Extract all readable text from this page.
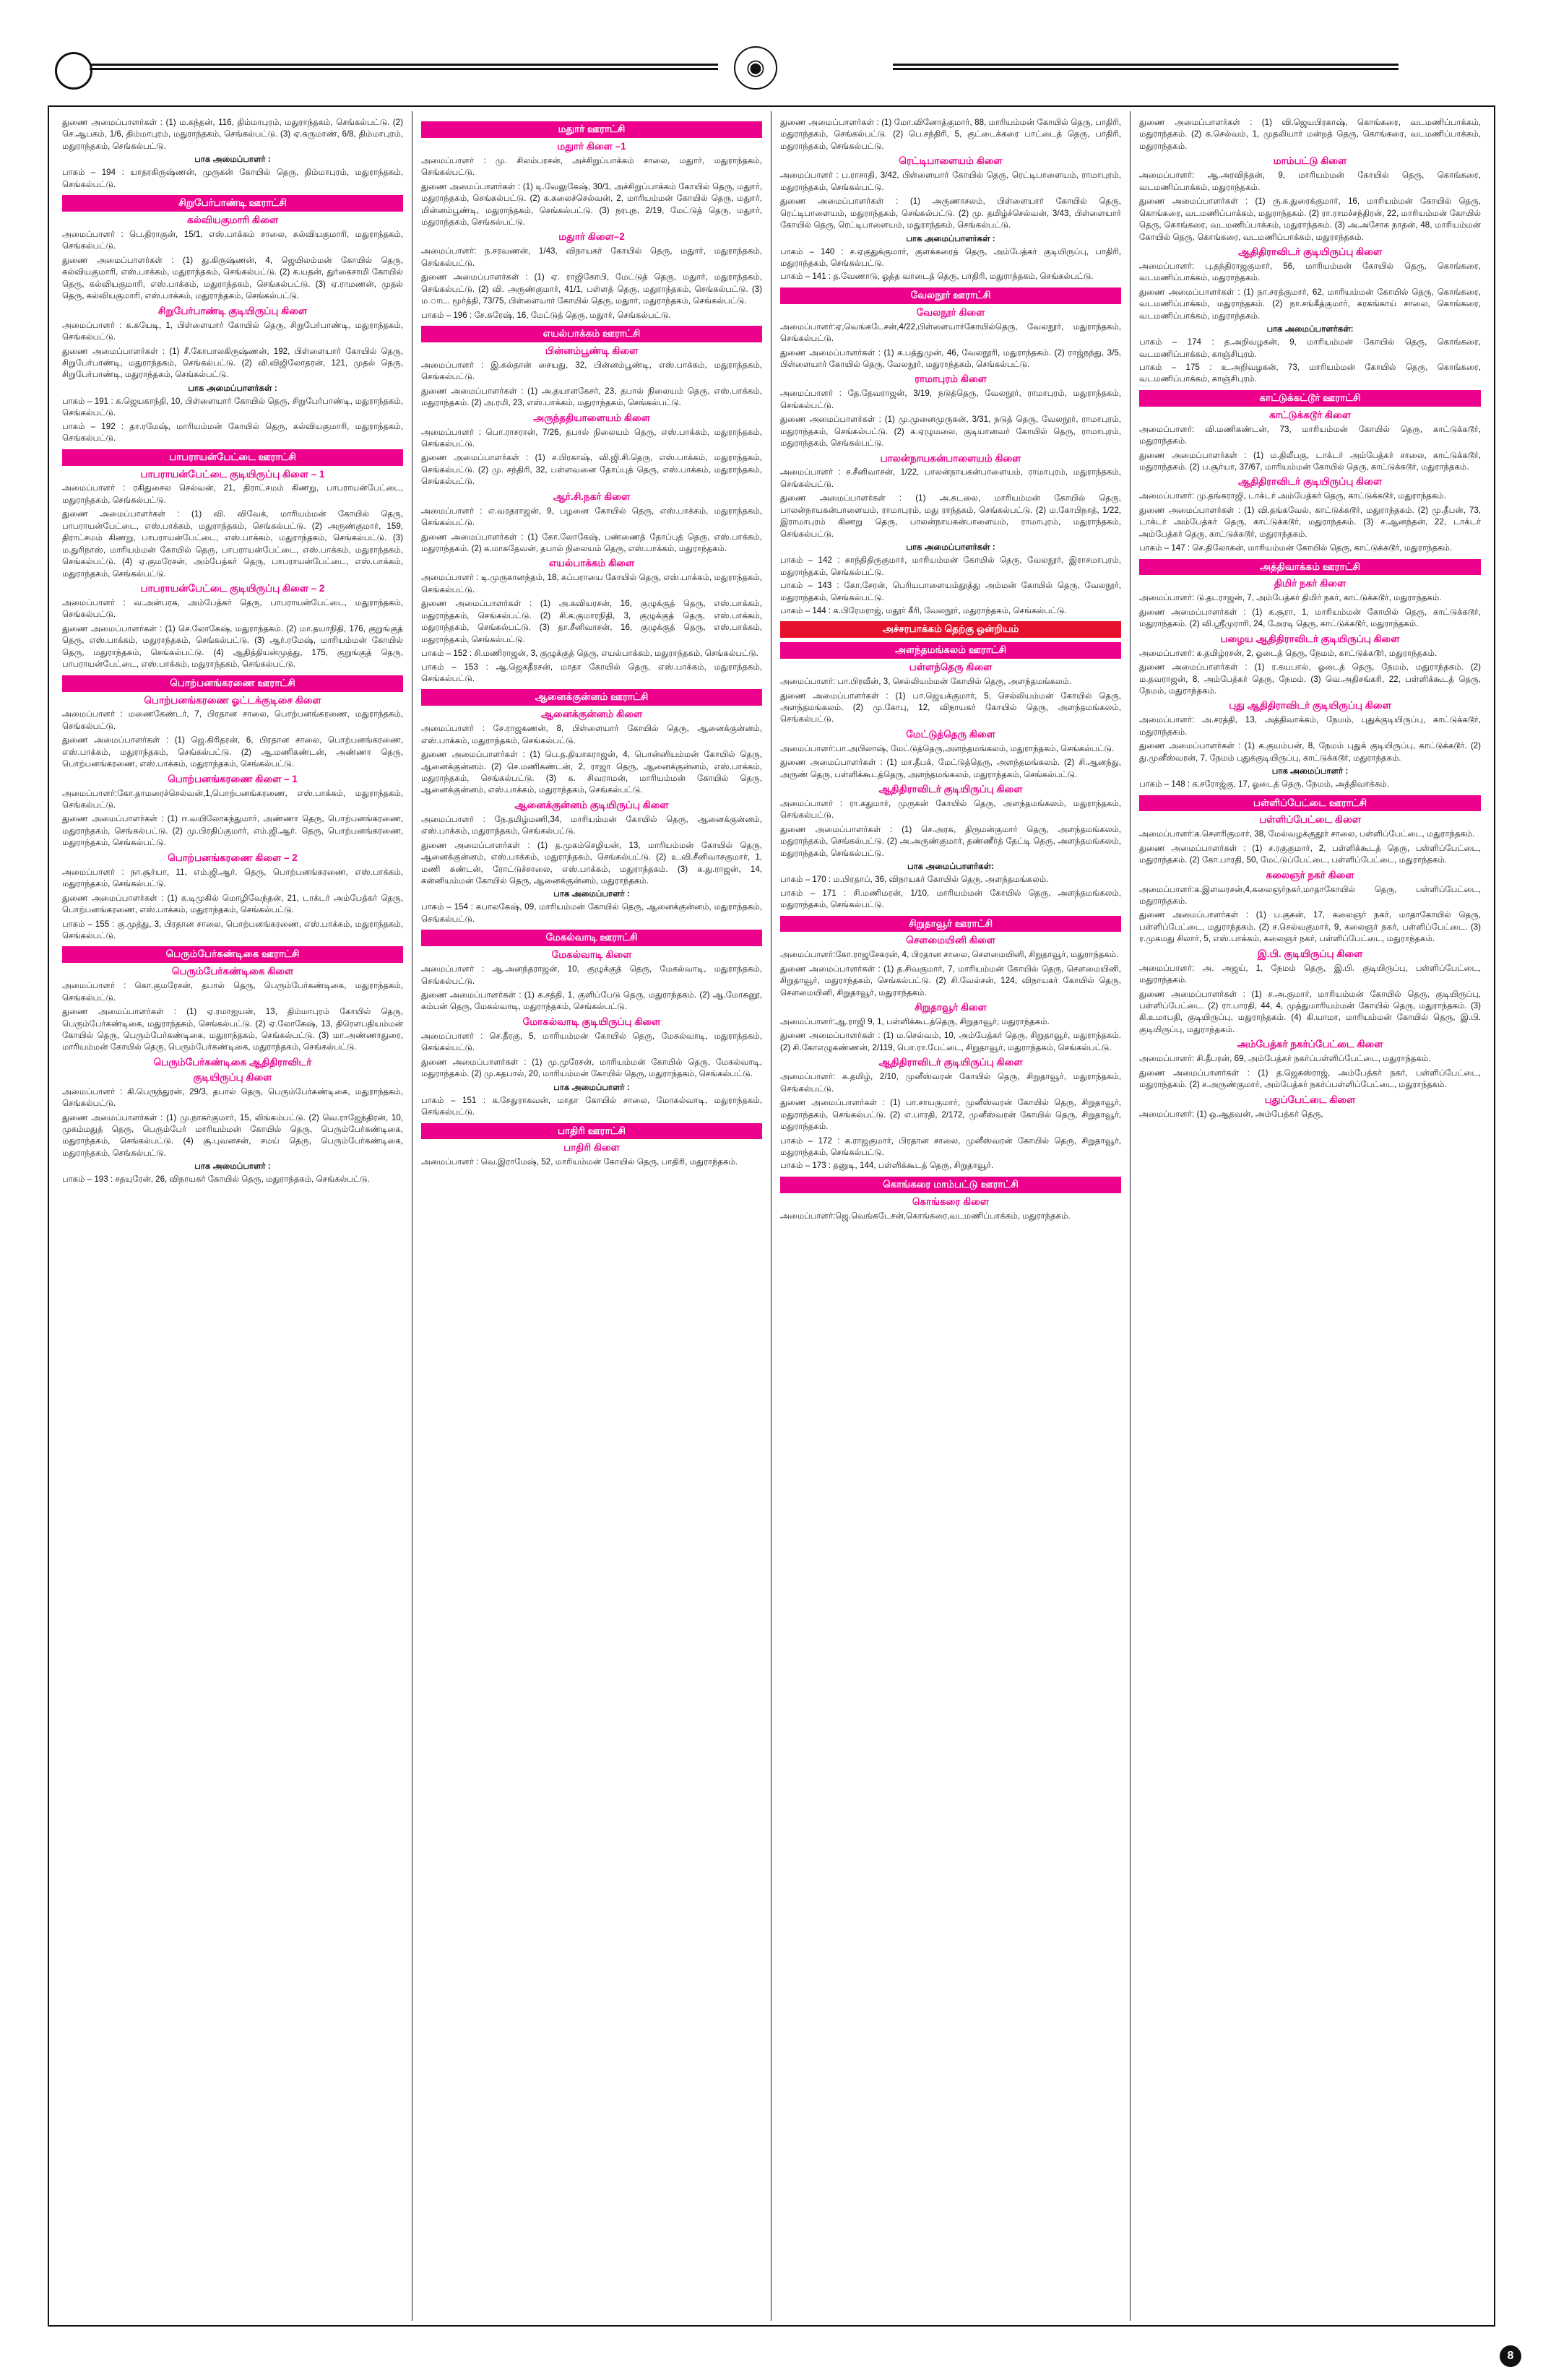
◉
துணை அமைப்பாளர்கள் : (1) ம.கந்தன், 116, திம்மாபுரம், மதுராந்தகம், செங்கல்பட்டு. (2) செ.ஆபகம், 1/6, திம்மாபுரம், மதுராந்தகம், செங்கல்பட்டு. (3) ஏ.கருமாண், 6/8, திம்மாபுரம், மதுராந்தகம், செங்கல்பட்டு.
பாக அமைப்பாளர் :
பாகம் – 194 : யாதரகிருஷ்ணன், முருகன் கோயில் தெரு, திம்மாபுரம், மதுராந்தகம், செங்கல்பட்டு.
சிறுபேர்பாண்டி ஊராட்சி
கல்வியகுமாரி கிளை
அமைப்பாளர் : பெ.திராகுன், 15/1, எஸ்.பாக்கம் சாலை, கல்வியகுமாரி, மதுராந்தகம், செங்கல்பட்டு.
துணை அமைப்பாளர்கள் : (1) து.கிருஷ்ணன், 4, ஜெயிலம்மன் கோயில் தெரு, கல்வியகுமாரி, எஸ்.பாக்கம், மதுராந்தகம், செங்கல்பட்டு. (2) க.யதன், துர்கைசாமி கோயில் தெரு, கல்வியகுமாரி, எஸ்.பாக்கம், மதுராந்தகம், செங்கல்பட்டு. (3) ஏ.ராமணன், முதல் தெரு, கல்வியகுமாரி, எஸ்.பாக்கம், மதுராந்தகம், செங்கல்பட்டு.
சிறுபேர்பாண்டி குடியிருப்பு கிளை
அமைப்பாளர் : க.கயேடி, 1, பிள்ளையார் கோயில் தெரு, சிறுபேர்பாண்டி, மதுராந்தகம், செங்கல்பட்டு.
துணை அமைப்பாளர்கள் : (1) சீ.கோபாலகிருஷ்ணன், 192, பிள்ளையார் கோயில் தெரு, சிறுபேர்பாண்டி, மதுராந்தகம், செங்கல்பட்டு. (2) வி.விஜிலோதரன், 121, முதல் தெரு, சிறுபேர்பாண்டி, மதுராந்தகம், செங்கல்பட்டு.
பாக அமைப்பாளர்கள் :
பாகம் – 191 : க.ஜெயகாந்தி, 10, பிள்ளையார் கோயில் தெரு, சிறுபேர்பாண்டி, மதுராந்தகம், செங்கல்பட்டு.
பாகம் – 192 : தா.ரமேஷ், மாரியம்மன் கோயில் தெரு, கல்வியகுமாரி, மதுராந்தகம், செங்கல்பட்டு.
பாபராயன்பேட்டை ஊராட்சி
பாபராயன்பேட்டை குடியிருப்பு கிளை – 1
அமைப்பாளர் : ரகிதுசைல செல்வன், 21, திராட்சமம் கிணறு, பாபராயன்பேட்டை, மதுராந்தகம், செங்கல்பட்டு.
துணை அமைப்பாளர்கள் : (1) வி. விவேக், மாரியம்மன் கோயில் தெரு, பாபராயன்பேட்டை, எஸ்.பாக்கம், மதுராந்தகம், செங்கல்பட்டு. (2) அருண்குமார், 159, திராட்சமம் கிணறு, பாபராயன்பேட்டை, எஸ்.பாக்கம், மதுராந்தகம், செங்கல்பட்டு. (3) ம.துரிநாஸ், மாரியம்மன் கோயில் தெரு, பாபராயன்பேட்டை, எஸ்.பாக்கம், மதுராந்தகம், செங்கல்பட்டு. (4) ஏ.குமரேசன், அம்பேத்கர் தெரு, பாபராயன்பேட்டை, எஸ்.பாக்கம், மதுராந்தகம், செங்கல்பட்டு.
பாபராயன்பேட்டை குடியிருப்பு கிளை – 2
அமைப்பாளர் : வ.அன்பரசு, அம்பேத்கர் தெரு, பாபராயன்பேட்டை, மதுராந்தகம், செங்கல்பட்டு.
துணை அமைப்பாளர்கள் : (1) செ.லோகேஷ், மதுராந்தகம். (2) மா.தயாநிதி, 176, குறுங்குத் தெரு, எஸ்.பாக்கம், மதுராந்தகம், செங்கல்பட்டு. (3) ஆர்.ரமேஷ், மாரியம்மன் கோயில் தெரு, மதுராந்தகம், செங்கல்பட்டு. (4) ஆதித்தியன்முத்து, 175, குறுங்குத் தெரு, பாபராயன்பேட்டை, எஸ்.பாக்கம், மதுராந்தகம், செங்கல்பட்டு.
பொற்பனங்கரணை ஊராட்சி
பொற்பனங்கரணை ஓட்டக்குடிசை கிளை
அமைப்பாளர் : மணைகேண்டர், 7, பிரதான சாலை, பொற்பனங்கரணை, மதுராந்தகம், செங்கல்பட்டு.
துணை அமைப்பாளர்கள் : (1) ஜெ.கிரிதரன், 6, பிரதான சாலை, பொற்பனங்கரணை, எஸ்.பாக்கம், மதுராந்தகம், செங்கல்பட்டு. (2) ஆ.மணிகண்டன், அண்ணா தெரு, பொற்பனங்கரணை, எஸ்.பாக்கம், மதுராந்தகம், செங்கல்பட்டு.
பொற்பனங்கரணை கிளை – 1
அமைப்பாளர்:கோ.தாமரைச்செல்வன்,1,பொற்பனங்கரணை, எஸ்.பாக்கம், மதுராந்தகம், செங்கல்பட்டு.
துணை அமைப்பாளர்கள் : (1) ஈ.வயிலோகந்துமார், அண்ணா தெரு, பொற்பனங்கரணை, மதுராந்தகம், செங்கல்பட்டு. (2) மு.பிரதிப்குமார், எம்.ஜி.ஆர். தெரு, பொற்பனங்கரணை, மதுராந்தகம், செங்கல்பட்டு.
பொற்பனங்கரணை கிளை – 2
அமைப்பாளர் : நா.சூர்யா, 11, எம்.ஜி.ஆர். தெரு, பொற்பனங்கரணை, எஸ்.பாக்கம், மதுராந்தகம், செங்கல்பட்டு.
துணை அமைப்பாளர்கள் : (1) க.டிமுகில் மொழிவேந்தன், 21, டாக்டர் அம்பேத்கர் தெரு, பொற்பனங்கரணை, எஸ்.பாக்கம், மதுராந்தகம், செங்கல்பட்டு.
பாகம் – 155 : கு.முத்து, 3, பிரதான சாலை, பொற்பனங்கரணை, எஸ்.பாக்கம், மதுராந்தகம், செங்கல்பட்டு.
பெரும்பேர்கண்டிகை ஊராட்சி
பெரும்பேர்கண்டிகை கிளை
அமைப்பாளர் : கொ.குமரேசன், தபால் தெரு, பெரும்பேர்கண்டிகை, மதுராந்தகம், செங்கல்பட்டு.
துணை அமைப்பாளர்கள் : (1) ஏ.ரமாஐயன், 13, திம்மாபுரம் கோயில் தெரு, பெரும்பேர்கண்டிகை, மதுராந்தகம், செங்கல்பட்டு. (2) ஏ.லோகேஷ், 13, திரௌபதியம்மன் கோயில் தெரு, பெரும்பேர்கண்டிகை, மதுராந்தகம், செங்கல்பட்டு. (3) மா.அண்ணாதுரை, மாரியம்மன் கோயில் தெரு, பெரும்பேர்கண்டிகை, மதுராந்தகம், செங்கல்பட்டு.
பெரும்பேர்கண்டிகை ஆதிதிராவிடர்
குடியிருப்பு கிளை
அமைப்பாளர் : கி.பெருந்துரன், 29/3, தபால் தெரு, பெரும்பேர்கண்டிகை, மதுராந்தகம், செங்கல்பட்டு.
துணை அமைப்பாளர்கள் : (1) மு.நாசுர்குமார், 15, லிங்கம்பட்டு. (2) வெ.ராஜேந்திரன், 10, முகம்மதுத் தெரு, பெரும்பேர் மாரியம்மன் கோயில் தெரு, பெரும்பேர்கண்டிகை, மதுராந்தகம், செங்கல்பட்டு. (4) சூ.புவனசன், சமய் தெரு, பெரும்பேர்கண்டிகை, மதுராந்தகம், செங்கல்பட்டு.
பாக அமைப்பாளர் :
பாகம் – 193 : சதயுரேன், 26, விநாயகர் கோயில் தெரு, மதுராந்தகம், செங்கல்பட்டு.
மதுார் ஊராட்சி
மதுார் கிளை –1
அமைப்பாளர் : மு. சிலம்பரசன், அச்சிறுப்பாக்கம் சாலை, மதுார், மதுராந்தகம், செங்கல்பட்டு.
துணை அமைப்பாளர்கள் : (1) டி.வேலுகேஷ், 30/1, அச்சிறுப்பாக்கம் கோயில் தெரு, மதுார், மதுராந்தகம், செங்கல்பட்டு. (2) க.கலைச்செல்வன், 2, மாரியம்மன் கோயில் தெரு, மதுார், மின்னம்பூண்டி, மதுராந்தகம், செங்கல்பட்டு. (3) நரபுந, 2/19, மேட்டுத் தெரு, மதுார், மதுராந்தகம், செங்கல்பட்டு.
மதுார் கிளை–2
அமைப்பாளர்: ந.சரவணன், 1/43, விநாயகர் கோயில் தெரு, மதுார், மதுராந்தகம், செங்கல்பட்டு.
துணை அமைப்பாளர்கள் : (1) ஏ. ராஜிகோபி, மேட்டுத் தெரு, மதுார், மதுராந்தகம், செங்கல்பட்டு. (2) வி. அருண்குமார், 41/1, பள்ளத் தெரு, மதுராந்தகம், செங்கல்பட்டு. (3) ம.ாட. மூர்த்தி, 73/75, பிள்ளையார் கோயில் தெரு, மதுார், மதுராந்தகம், செங்கல்பட்டு.
பாகம் – 196 : சே.சுரேஷ், 16, மேட்டுத் தெரு, மதுார், செங்கல்பட்டு.
எயல்பாக்கம் ஊராட்சி
பின்னம்பூண்டி கிளை
அமைப்பாளர் : இ.கல்தான் சையது, 32, பின்னம்பூண்டி, எஸ்.பாக்கம், மதுராந்தகம், செங்கல்பட்டு.
துணை அமைப்பாளர்கள் : (1) அ.தயாளகேசர், 23, தபால் நிலையம் தெரு, எஸ்.பாக்கம், மதுராந்தகம். (2) அ.ரமி, 23, எஸ்.பாக்கம், மதுராந்தகம், செங்கல்பட்டு.
அருந்ததியாளையம் கிளை
அமைப்பாளர் : பொ.ராசரான், 7/26, தபால் நிலையம் தெரு, எஸ்.பாக்கம், மதுராந்தகம், செங்கல்பட்டு.
துணை அமைப்பாளர்கள் : (1) ச.பிரகாஷ், வி.ஜி.சி.தெரு, எஸ்.பாக்கம், மதுராந்தகம், செங்கல்பட்டு. (2) மு. சந்திரி, 32, பள்ளவனை தோப்புத் தெரு, எஸ்.பாக்கம், மதுராந்தகம், செங்கல்பட்டு.
ஆர்.சி.நகர் கிளை
அமைப்பாளர் : எ.வரதராஜன், 9, பழனை கோயில் தெரு, எஸ்.பாக்கம், மதுராந்தகம், செங்கல்பட்டு.
துணை அமைப்பாளர்கள் : (1) கோ.லோகேஷ், பண்ணைத் தோப்புத் தெரு, எஸ்.பாக்கம், மதுராந்தகம். (2) க.மாசுதேவன், தபால் நிலையம் தெரு, எஸ்.பாக்கம், மதுராந்தகம்.
எயல்பாக்கம் கிளை
அமைப்பாளர் : டி.முருகானந்தம், 18, சுப்பராயை கோயில் தெரு, எஸ்.பாக்கம், மதுராந்தகம், செங்கல்பட்டு.
துணை அமைப்பாளர்கள் : (1) அ.கவியரசன், 16, குழுக்குத் தெரு, எஸ்.பாக்கம், மதுராந்தகம், செங்கல்பட்டு. (2) சி.க.குமாரநிதி, 3, குழுக்குத் தெரு, எஸ்.பாக்கம், மதுராந்தகம், செங்கல்பட்டு. (3) தா.சீனிவாசன், 16, குழுக்குத் தெரு, எஸ்.பாக்கம், மதுராந்தகம், செங்கல்பட்டு.
பாகம் – 152 : சி.மணிராஜன், 3, குழுக்குத் தெரு, எயல்பாக்கம், மதுராந்தகம், செங்கல்பட்டு.
பாகம் – 153 : ஆ.ஜெகதீரசன், மாதா கோயில் தெரு, எஸ்.பாக்கம், மதுராந்தகம், செங்கல்பட்டு.
ஆனைக்குன்னம் ஊராட்சி
ஆனைக்குன்னம் கிளை
அமைப்பாளர் : சே.ராஜகணன், 8, பிள்ளையார் கோயில் தெரு, ஆனைக்குன்னம், எஸ்.பாக்கம், மதுராந்தகம், செங்கல்பட்டு.
துணை அமைப்பாளர்கள் : (1) பெ.த.தியாகராஜன், 4, பொன்னியம்மன் கோயில் தெரு, ஆனைக்குன்னம். (2) செ.மணிகண்டன், 2, ராஜா தெரு, ஆனைக்குன்னம், எஸ்.பாக்கம், மதுராந்தகம், செங்கல்பட்டு. (3) க. சிவராமன், மாரியம்மன் கோயில் தெரு, ஆனைக்குன்னம், எஸ்.பாக்கம், மதுராந்தகம், செங்கல்பட்டு.
ஆனைக்குன்னம் குடியிருப்பு கிளை
அமைப்பாளர் : நே.தமிழ்மணி,34, மாரியம்மன் கோயில் தெரு, ஆனைக்குன்னம், எஸ்.பாக்கம், மதுராந்தகம், செங்கல்பட்டு.
துணை அமைப்பாளர்கள் : (1) த.முகம்செழியன், 13, மாரியம்மன் கோயில் தெரு, ஆனைக்குன்னம், எஸ்.பாக்கம், மதுராந்தகம், செங்கல்பட்டு. (2) உ.வி.சீனிவாசகுமார், 1, மணி கண்டன், ரோட்டுச்சாலை, எஸ்.பாக்கம், மதுராந்தகம். (3) க.து.ராஜன், 14, கன்னியம்மன் கோயில் தெரு, ஆனைக்குன்னம், மதுராந்தகம்.
பாக அமைப்பாளர் :
பாகம் – 154 : கபாலகேஷ், 09, மாரியம்மன் கோயில் தெரு, ஆனைக்குன்னம், மதுராந்தகம், செங்கல்பட்டு.
மேகல்வாடி ஊராட்சி
மேகல்வாடி கிளை
அமைப்பாளர் : ஆ.அனந்தராஜன், 10, குழுக்குத் தெரு, மேகல்வாடி, மதுராந்தகம், செங்கல்பட்டு.
துணை அமைப்பாளர்கள் : (1) க.சத்தி, 1, குளிப்பேடு தெரு, மதுராந்தகம். (2) ஆ.மோகனூ, கம்பன் தெரு, மேகல்வாடி, மதுராந்தகம், செங்கல்பட்டு.
மோகல்வாடி குடியிருப்பு கிளை
அமைப்பாளர் : செ.தீரகு, 5, மாரியம்மன் கோயில் தெரு, மேகல்வாடி, மதுராந்தகம், செங்கல்பட்டு.
துணை அமைப்பாளர்கள் : (1) மு.முரேசன், மாரியம்மன் கோயில் தெரு, மேகல்வாடி, மதுராந்தகம். (2) மு.கதபால், 20, மாரியம்மன் கோயில் தெரு, மதுராந்தகம், செங்கல்பட்டு.
பாக அமைப்பாளர் :
பாகம் – 151 : க.சேதுராகவன், மாதா கோயில் சாலை, மோகல்வாடி, மதுராந்தகம், செங்கல்பட்டு.
பாதிரி ஊராட்சி
பாதிரி கிளை
அமைப்பாளர் : வெ.இராமேஷ், 52, மாரியம்மன் கோயில் தெரு, பாதிரி, மதுராந்தகம்.
துணை அமைப்பாளர்கள் : (1) மோ.வினோத்குமார், 88, மாரியம்மன் கோயில் தெரு, பாதிரி, மதுராந்தகம், செங்கல்பட்டு. (2) பெ.சந்திரி, 5, குட்டைக்கரை பாட்டைத் தெரு, பாதிரி, மதுராந்தகம், செங்கல்பட்டு.
ரெட்டிபாளையம் கிளை
அமைப்பாளர் : ப.ராசாதி, 3/42, பிள்ளையார் கோயில் தெரு, ரெட்டிபாளையம், ராமாபுரம், மதுராந்தகம், செங்கல்பட்டு.
துணை அமைப்பாளர்கள் : (1) அருணாசலம், பிள்ளையார் கோயில் தெரு, ரெட்டிபாளையம், மதுராந்தகம், செங்கல்பட்டு. (2) மு. தமிழ்ச்செல்வன், 3/43, பிள்ளையார் கோயில் தெரு, ரெட்டிபாளையம், மதுராந்தகம், செங்கல்பட்டு.
பாக அமைப்பாளர்கள் :
பாகம் – 140 : ச.ஏகுதுக்குமார், குளக்கரைத் தெரு, அம்பேத்கர் குடியிருப்பு, பாதிரி, மதுராந்தகம், செங்கல்பட்டு.
பாகம் – 141 : த.வேணாடு, ஓத்த வாடைத் தெரு, பாதிரி, மதுராந்தகம், செங்கல்பட்டு.
வேலநூர் ஊராட்சி
வேலநூர் கிளை
அமைப்பாளர்:ஏ,வெங்கடேசன்,4/22,பிள்ளையார்கோயில்தெரு, வேலநூர், மதுராந்தகம், செங்கல்பட்டு.
துணை அமைப்பாளர்கள் : (1) க.பத்துமுன், 46, வேலநூரி, மதுராந்தகம். (2) ராஜ்நந்து, 3/5, பிள்ளையார் கோயில் தெரு, வேலநூர், மதுராந்தகம், செங்கல்பட்டு.
ராமாபுரம் கிளை
அமைப்பாளர் : தே.தேவராஜன், 3/19, நடுத்தெரு, வேலநூர், ராமாபுரம், மதுராந்தகம், செங்கல்பட்டு.
துணை அமைப்பாளர்கள் : (1) மு.முனைமுருகன், 3/31, நடுத் தெரு, வேலநூர், ராமாபுரம், மதுராந்தகம், செங்கல்பட்டு. (2) க.ஏழுமலை, குடியானவர் கோயில் தெரு, ராமாபுரம், மதுராந்தகம், செங்கல்பட்டு.
பாலன்நாயகன்பாளையம் கிளை
அமைப்பாளர் : ச.சீனிவாசன், 1/22, பாலன்நாயகன்பாளையம், ராமாபுரம், மதுராந்தகம், செங்கல்பட்டு.
துணை அமைப்பாளர்கள் : (1) அ.சுடலை, மாரியம்மன் கோயில் தெரு, பாலன்நாயகன்பாளையம், ராமாபுரம், மது ராந்தகம், செங்கல்பட்டு. (2) ம.கோபிநாத், 1/22, இராமாபுரம் கிணறு தெரு, பாலன்நாயகன்பாளையம், ராமாபுரம், மதுராந்தகம், செங்கல்பட்டு.
பாக அமைப்பாளர்கள் :
பாகம் – 142 : காந்திதிருகுமார், மாரியம்மன் கோயில் தெரு, வேலநூர், இராசமாபுரம், மதுராந்தகம், செங்கல்பட்டு.
பாகம் – 143 : கோ.சேரன், பெரியபாளையம்தூத்து அம்மன் கோயில் தெரு, வேலநூர், மதுராந்தகம், செங்கல்பட்டு.
பாகம் – 144 : க.பிரேமராஜ், மதூர் கீரி, வேலநூர், மதுராந்தகம், செங்கல்பட்டு.
அச்சரபாக்கம் தெற்கு ஒன்றியம்
அளந்தமங்கலம் ஊராட்சி
பள்ளந்தெரு கிளை
அமைப்பாளர்: பா.பிரவீன், 3, செல்லியம்மன் கோயில் தெரு, அளந்தமங்கலம்.
துணை அமைப்பாளர்கள் : (1) பா.ஜெயக்குமார், 5, செல்லியம்மன் கோயில் தெரு, அளந்தமங்கலம். (2) மு.கோபு, 12, விநாயகர் கோயில் தெரு, அளந்தமங்கலம், செங்கல்பட்டு.
மேட்டுத்தெரு கிளை
அமைப்பாளர்:பா.அபிலாஷ், மேட்டுத்தெரு,அளந்தமங்கலம், மதுராந்தகம், செங்கல்பட்டு.
துணை அமைப்பாளர்கள் : (1) மா.தீபக், மேட்டுத்தெரு, அளந்தமங்கலம். (2) சி.ஆனந்து, அருண் தெரு, பள்ளிக்கூடத்தெரு, அளந்தமங்கலம், மதுராந்தகம், செங்கல்பட்டு.
ஆதிதிராவிடர் குடியிருப்பு கிளை
அமைப்பாளர் : ரா.கதுமார், முருகன் கோயில் தெரு, அளந்தமங்கலம், மதுராந்தகம், செங்கல்பட்டு.
துணை அமைப்பாளர்கள் : (1) செ.அரசு, திருமன்குமார் தெரு, அளந்தமங்கலம், மதுராந்தகம், செங்கல்பட்டு. (2) அ.அருண்குமார், தண்ணீர்த் தேட்டி தெரு, அளந்தமங்கலம், மதுராந்தகம், செங்கல்பட்டு.
பாக அமைப்பாளர்கள்:
பாகம் – 170 : ம.பிரதாப், 36, விநாயகர் கோயில் தெரு, அளந்தமங்கலம்.
பாகம் – 171 : சி.மணிமரன், 1/10, மாரியம்மன் கோயில் தெரு, அளந்தமங்கலம், மதுராந்தகம், செங்கல்பட்டு.
சிறுதாவூர் ஊராட்சி
சௌமையினி கிளை
அமைப்பாளர்:கோ.ராஜசேகரன், 4, பிரதான சாலை, சௌமையினி, சிறுதாவூர், மதுராந்தகம்.
துணை அமைப்பாளர்கள் : (1) த.சிவகுமார், 7, மாரியம்மன் கோயில் தெரு, சௌமையினி, சிறுதாவூர், மதுராந்தகம், செங்கல்பட்டு. (2) சி.வேல்சன், 124, விநாயகர் கோயில் தெரு, சௌமையினி, சிறுதாவூர், மதுராந்தகம்.
சிறுதாவூர் கிளை
அமைப்பாளர்:ஆ.ராஜி 9, 1, பள்ளிக்கூடத்தெரு, சிறுதாவூர், மதுராந்தகம்.
துணை அமைப்பாளர்கள் : (1) ம.செல்வம், 10, அம்பேத்கர் தெரு, சிறுதாவூர், மதுராந்தகம். (2) சி.கோஎழுகண்ணன், 2/119, பொ.ரா.பேட்டை, சிறுதாவூர், மதுராந்தகம், செங்கல்பட்டு.
ஆதிதிராவிடர் குடியிருப்பு கிளை
அமைப்பாளர்: சு.தமிழ், 2/10, முனீஸ்வரன் கோயில் தெரு, சிறுதாவூர், மதுராந்தகம், செங்கல்பட்டு.
துணை அமைப்பாளர்கள் : (1) பா.சாயகுமார், முனீஸ்வரன் கோயில் தெரு, சிறுதாவூர், மதுராந்தகம், செங்கல்பட்டு. (2) எ.பாரதி, 2/172, முனீஸ்வரன் கோயில் தெரு, சிறுதாவூர், மதுராந்தகம்.
பாகம் – 172 : க.ராஜகுமார், பிரதான சாலை, முனீஸ்வரன் கோயில் தெரு, சிறுதாவூர், மதுராந்தகம், செங்கல்பட்டு.
பாகம் – 173 : தனுடி, 144, பள்ளிக்கூடத் தெரு, சிறுதாவூர்.
கொங்கரை மாம்பட்டு ஊராட்சி
கொங்கரை கிளை
அமைப்பாளர்:ஜெ.வெங்கடேசன்,கொங்கரை,வடமணிப்பாக்கம், மதுராந்தகம்.
துணை அமைப்பாளர்கள் : (1) வி.ஜெயபிரகாஷ், கொங்கரை, வடமணிப்பாக்கம், மதுராந்தகம். (2) க.செல்வம், 1, முதலியார் மன்றத் தெரு, கொங்கரை, வடமணிப்பாக்கம், மதுராந்தகம்.
மாம்பட்டு கிளை
அமைப்பாளர்: ஆ.அரவிந்தன், 9, மாரியம்மன் கோயில் தெரு, கொங்கரை, வடமணிப்பாக்கம், மதுராந்தகம்.
துணை அமைப்பாளர்கள் : (1) ரு.க.துரைக்குமார், 16, மாரியம்மன் கோயில் தெரு, கொங்கரை, வடமணிப்பாக்கம், மதுராந்தகம். (2) ரா.ராமச்சந்திரன், 22, மாரியம்மன் கோயில் தெரு, கொங்கரை, வடமணிப்பாக்கம், மதுராந்தகம். (3) அ.அசோக நாதன், 48, மாரியம்மன் கோயில் தெரு, கொங்கரை, வடமணிப்பாக்கம், மதுராந்தகம்.
ஆதிதிராவிடர் குடியிருப்பு கிளை
அமைப்பாளர்: பு.தந்திராஜகுமார், 56, மாரியம்மன் கோயில் தெரு, கொங்கரை, வடமணிப்பாக்கம், மதுராந்தகம்.
துணை அமைப்பாளர்கள் : (1) நா.சரத்குமார், 62, மாரியம்மன் கோயில் தெரு, கொங்கரை, வடமணிப்பாக்கம், மதுராந்தகம். (2) நா.சங்கீத்குமார், கரகங்காய் சாலை, கொங்கரை, வடமணிப்பாக்கம், மதுராந்தகம்.
பாக அமைப்பாளர்கள்:
பாகம் – 174 : த.அறிவழகன், 9, மாரியம்மன் கோயில் தெரு, கொங்கரை, வடமணிப்பாக்கம், காஞ்சிபுரம்.
பாகம் – 175 : உ.அறிவழகன், 73, மாரியம்மன் கோயில் தெரு, கொங்கரை, வடமணிப்பாக்கம், காஞ்சிபுரம்.
காட்டுக்கட்டூர் ஊராட்சி
காட்டுக்கடூர் கிளை
அமைப்பாளர்: வி.மணிகண்டன், 73, மாரியம்மன் கோயில் தெரு, காட்டுக்கடூர், மதுராந்தகம்.
துணை அமைப்பாளர்கள் : (1) ம.திலீபகு, டாக்டர் அம்பேத்கர் சாலை, காட்டுக்கடூர், மதுராந்தகம். (2) ப.சூர்யா, 37/67, மாரியம்மன் கோயில் தெரு, காட்டுக்கடூர், மதுராந்தகம்.
ஆதிதிராவிடர் குடியிருப்பு கிளை
அமைப்பாளர்: மு.தங்கராஜி, டாக்டர் அம்பேத்கர் தெரு, காட்டுக்கடூர், மதுராந்தகம்.
துணை அமைப்பாளர்கள் : (1) வி.தங்கவேல், காட்டுக்கடூர், மதுராந்தகம். (2) மு.தீபன், 73, டாக்டர் அம்பேத்கர் தெரு, காட்டுக்கடூர், மதுராந்தகம். (3) ச.ஆனந்தன், 22, டாக்டர் அம்பேத்கர் தெரு, காட்டுக்கடூர், மதுராந்தகம்.
பாகம் – 147 : செ.திலோகன், மாரியம்மன் கோயில் தெரு, காட்டுக்கடூர், மதுராந்தகம்.
அத்திவாக்கம் ஊராட்சி
திமிர் நகர் கிளை
அமைப்பாளர்: டு.தடராஜன், 7, அம்பேத்கர் திமிர் நகர், காட்டுக்கடூர், மதுராந்தகம்.
துணை அமைப்பாளர்கள் : (1) க.சூரா, 1, மாரியம்மன் கோயில் தெரு, காட்டுக்கடூர், மதுராந்தகம். (2) வி.ஸ்ரீமுராரி, 24, அேரடி தெரு, காட்டுக்கடூர், மதுராந்தகம்.
பழைய ஆதிதிராவிடர் குடியிருப்பு கிளை
அமைப்பாளர்: க.தமிழ்ரசன், 2, ஓடைத் தெரு, நேமம், காட்டுக்கடூர், மதுராந்தகம்.
துணை அமைப்பாளர்கள் : (1) ர.கயபால், ஓடைத் தெரு, நேமம், மதுராந்தகம். (2) ம.தவராஜன், 8, அம்பேத்கர் தெரு, நேமம். (3) வெ.அதிசங்கரி, 22, பள்ளிக்கூடத் தெரு, நேமம், மதுராந்தகம்.
புது ஆதிதிராவிடர் குடியிருப்பு கிளை
அமைப்பாளர்: அ.சரத்தி, 13, அத்திவாக்கம், நேமம், புதுக்குடியிருப்பு, காட்டுக்கடூர், மதுராந்தகம்.
துணை அமைப்பாளர்கள் : (1) க.குயம்பன், 8, நேமம் புதுக் குடியிருப்பு, காட்டுக்கடூர். (2) து.முனீஸ்வரன், 7, நேமம் புதுக்குடியிருப்பு, காட்டுக்கடூர், மதுராந்தகம்.
பாக அமைப்பாளர் :
பாகம் – 148 : க.சரோஜ்கு, 17, ஓடைத் தெரு, நேமம், அத்திவாக்கம்.
பள்ளிப்பேட்டை ஊராட்சி
பள்ளிப்பேட்டை கிளை
அமைப்பாளர்:க.சௌரிகுமார், 38, மேல்வழக்குதூர் சாலை, பள்ளிப்பேட்டை, மதுராந்தகம்.
துணை அமைப்பாளர்கள் : (1) ச.ரகுகுமார், 2, பள்ளிக்கூடத் தெரு, பள்ளிப்பேட்டை, மதுராந்தகம். (2) கோ.பாரதி, 50, மேட்டுப்பேட்டை, பள்ளிப்பேட்டை, மதுராந்தகம்.
கலைஞர் நகர் கிளை
அமைப்பாளர்:க.இளவரசன்,4,கலைஞர்நகர்,மாதாகோயில் தெரு, பள்ளிப்பேட்டை, மதுராந்தகம்.
துணை அமைப்பாளர்கள் : (1) ப.குகன், 17, கலைஞர் நகர், மாதாகோயில் தெரு, பள்ளிப்பேட்டை, மதுராந்தகம். (2) ச.செல்வகுமார், 9, கலைஞர் நகர், பள்ளிப்பேட்டை. (3) ர.முகமது சிலார், 5, எஸ்.பாக்கம், கலைஞர் நகர், பள்ளிப்பேட்டை, மதுராந்தகம்.
இ.பி. குடியிருப்பு கிளை
அமைப்பாளர்: அ. அஜய், 1, நேமம் தெரு, இ.பி. குடியிருப்பு, பள்ளிப்பேட்டை, மதுராந்தகம்.
துணை அமைப்பாளர்கள் : (1) ச.அ.குமார், மாரியம்மன் கோயில் தெரு, குடியிருப்பு, பள்ளிப்பேட்டை. (2) ரா.பாரதி, 44, 4, முத்துமாரியம்மன் கோயில் தெரு, மதுராந்தகம். (3) கி.உமாபதி, குடியிருப்பு, மதுராந்தகம். (4) கி.யாமா, மாரியம்மன் கோயில் தெரு, இ.பி. குடியிருப்பு, மதுராந்தகம்.
அம்பேத்கர் நகர்ப்பேட்டை கிளை
அமைப்பாளர்: சி.தீபரன், 69, அம்பேத்கர் நகர்ப்பள்ளிப்பேட்டை, மதுராந்தகம்.
துணை அமைப்பாளர்கள் : (1) த.ஜெகஸ்ராஜ், அம்பேத்கர் நகர், பள்ளிப்பேட்டை, மதுராந்தகம். (2) ச.அருண்குமார், அம்பேத்கர் நகர்ப்பள்ளிப்பேட்டை, மதுராந்தகம்.
புதுப்பேட்டை கிளை
அமைப்பாளர்: (1) ஒ.ஆதவன், அம்பேத்கர் தெரு,
8
